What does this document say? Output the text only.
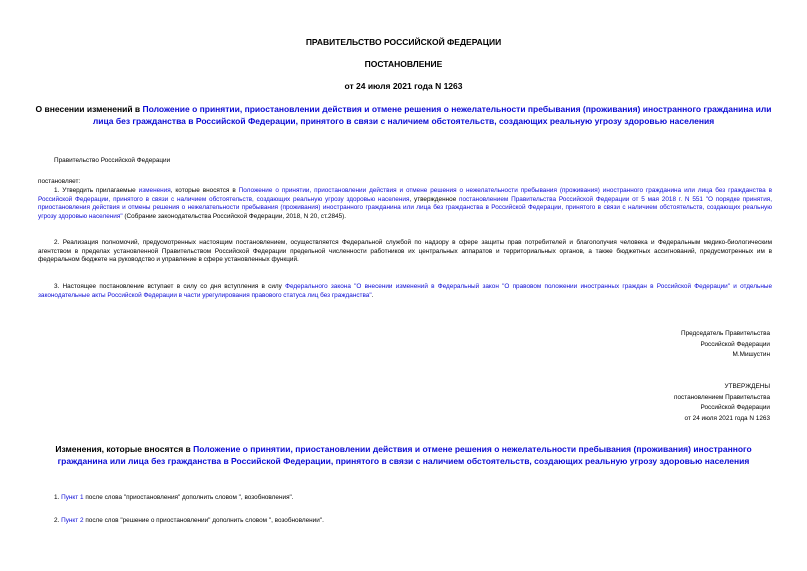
ПРАВИТЕЛЬСТВО РОССИЙСКОЙ ФЕДЕРАЦИИ
ПОСТАНОВЛЕНИЕ
от 24 июля 2021 года N 1263
О внесении изменений в Положение о принятии, приостановлении действия и отмене решения о нежелательности пребывания (проживания) иностранного гражданина или лица без гражданства в Российской Федерации, принятого в связи с наличием обстоятельств, создающих реальную угрозу здоровью населения
Правительство Российской Федерации
постановляет:
1. Утвердить прилагаемые изменения, которые вносятся в Положение о принятии, приостановлении действия и отмене решения о нежелательности пребывания (проживания) иностранного гражданина или лица без гражданства в Российской Федерации, принятого в связи с наличием обстоятельств, создающих реальную угрозу здоровью населения, утвержденное постановлением Правительства Российской Федерации от 5 мая 2018 г. N 551 "О порядке принятия, приостановления действия и отмены решения о нежелательности пребывания (проживания) иностранного гражданина или лица без гражданства в Российской Федерации, принятого в связи с наличием обстоятельств, создающих реальную угрозу здоровью населения" (Собрание законодательства Российской Федерации, 2018, N 20, ст.2845).
2. Реализация полномочий, предусмотренных настоящим постановлением, осуществляется Федеральной службой по надзору в сфере защиты прав потребителей и благополучия человека и Федеральным медико-биологическим агентством в пределах установленной Правительством Российской Федерации предельной численности работников их центральных аппаратов и территориальных органов, а также бюджетных ассигнований, предусмотренных им в федеральном бюджете на руководство и управление в сфере установленных функций.
3. Настоящее постановление вступает в силу со дня вступления в силу Федерального закона "О внесении изменений в Федеральный закон "О правовом положении иностранных граждан в Российской Федерации" и отдельные законодательные акты Российской Федерации в части урегулирования правового статуса лиц без гражданства".
Председатель Правительства
Российской Федерации
М.Мишустин
УТВЕРЖДЕНЫ
постановлением Правительства
Российской Федерации
от 24 июля 2021 года N 1263
Изменения, которые вносятся в Положение о принятии, приостановлении действия и отмене решения о нежелательности пребывания (проживания) иностранного гражданина или лица без гражданства в Российской Федерации, принятого в связи с наличием обстоятельств, создающих реальную угрозу здоровью населения
1. Пункт 1 после слова "приостановления" дополнить словом ", возобновления".
2. Пункт 2 после слов "решение о приостановлении" дополнить словом ", возобновлении".
